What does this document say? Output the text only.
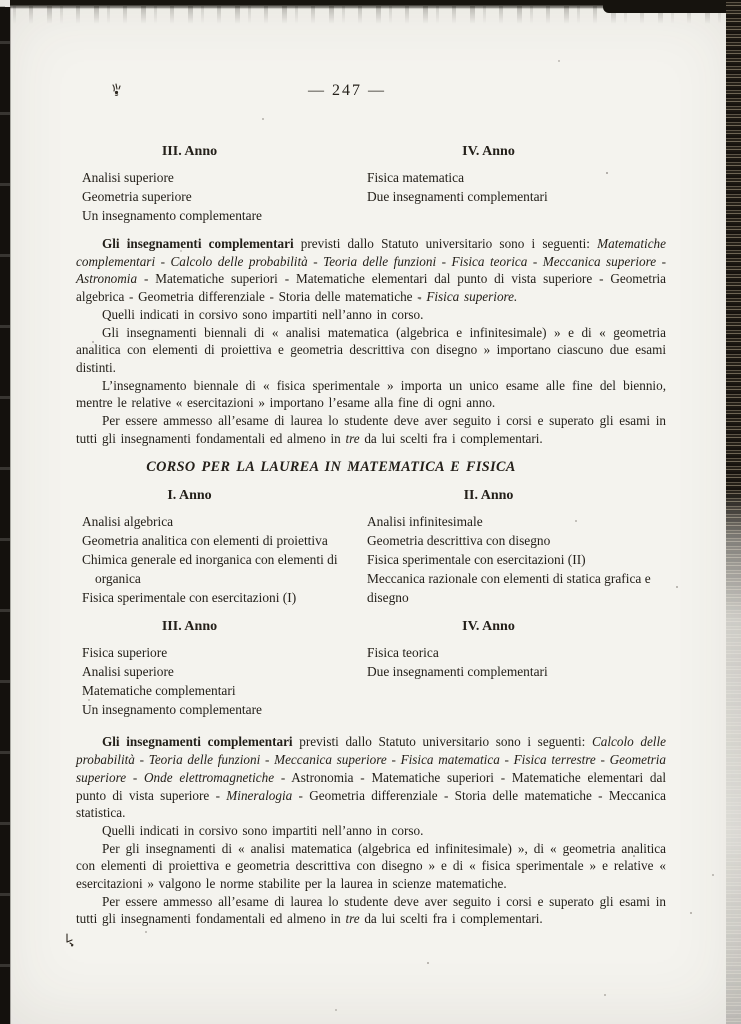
— 247 —
III. Anno
Analisi superiore
Geometria superiore
Un insegnamento complementare
IV. Anno
Fisica matematica
Due insegnamenti complementari

Gli insegnamenti complementari previsti dallo Statuto universitario sono i seguenti: Matematiche complementari - Calcolo delle probabilità - Teoria delle funzioni - Fisica teorica - Meccanica superiore - Astronomia - Matematiche superiori - Matematiche elementari dal punto di vista superiore - Geometria algebrica - Geometria differenziale - Storia delle matematiche - Fisica superiore.

Quelli indicati in corsivo sono impartiti nell’anno in corso.

Gli insegnamenti biennali di « analisi matematica (algebrica e infinitesimale) » e di « geometria analitica con elementi di proiettiva e geometria descrittiva con disegno » importano ciascuno due esami distinti.

L’insegnamento biennale di « fisica sperimentale » importa un unico esame alle fine del biennio, mentre le relative « esercitazioni » importano l’esame alla fine di ogni anno.

Per essere ammesso all’esame di laurea lo studente deve aver seguito i corsi e superato gli esami in tutti gli insegnamenti fondamentali ed almeno in tre da lui scelti fra i complementari.

CORSO PER LA LAUREA IN MATEMATICA E FISICA
I. Anno
Analisi algebrica
Geometria analitica con elementi di proiettiva
Chimica generale ed inorganica con elementi di organica
Fisica sperimentale con esercitazioni (I)
II. Anno
Analisi infinitesimale
Geometria descrittiva con disegno
Fisica sperimentale con esercitazioni (II)
Meccanica razionale con elementi di statica grafica e disegno
III. Anno
Fisica superiore
Analisi superiore
Matematiche complementari
Un insegnamento complementare
IV. Anno
Fisica teorica
Due insegnamenti complementari

Gli insegnamenti complementari previsti dallo Statuto universitario sono i seguenti: Calcolo delle probabilità - Teoria delle funzioni - Meccanica superiore - Fisica matematica - Fisica terrestre - Geometria superiore - Onde elettromagnetiche - Astronomia - Matematiche superiori - Matematiche elementari dal punto di vista superiore - Mineralogia - Geometria differenziale - Storia delle matematiche - Meccanica statistica.

Quelli indicati in corsivo sono impartiti nell’anno in corso.

Per gli insegnamenti di « analisi matematica (algebrica ed infinitesimale) », di « geometria analitica con elementi di proiettiva e geometria descrittiva con disegno » e di « fisica sperimentale » e relative « esercitazioni » valgono le norme stabilite per la laurea in scienze matematiche.

Per essere ammesso all’esame di laurea lo studente deve aver seguito i corsi e superato gli esami in tutti gli insegnamenti fondamentali ed almeno in tre da lui scelti fra i complementari.
